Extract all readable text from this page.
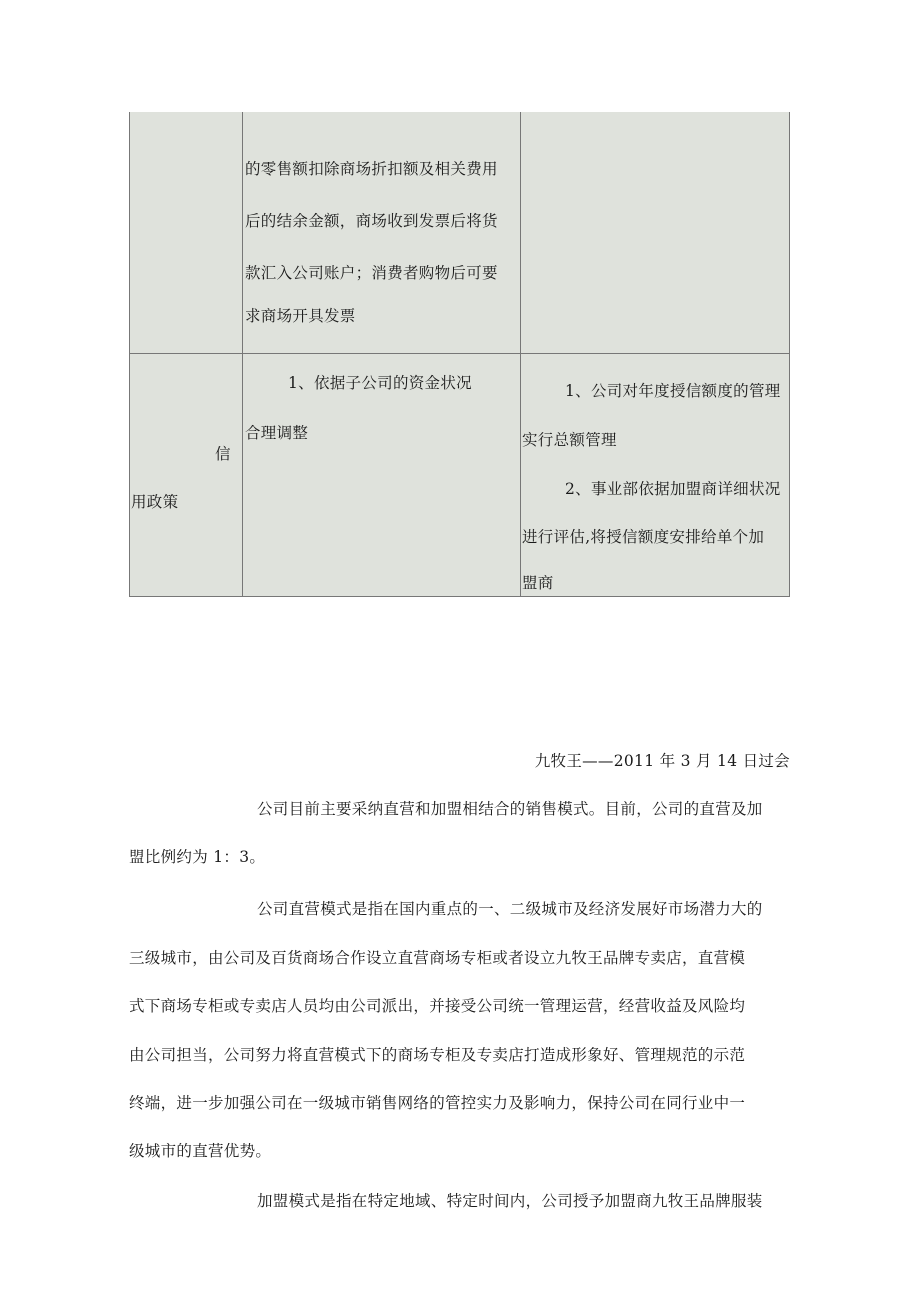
的零售额扣除商场折扣额及相关费用
后的结余金额，商场收到发票后将货
款汇入公司账户；消费者购物后可要
求商场开具发票
信
用政策
1、依据子公司的资金状况
合理调整
1、公司对年度授信额度的管理
实行总额管理
2、事业部依据加盟商详细状况
进行评估,将授信额度安排给单个加
盟商
九牧王——2011 年 3 月 14 日过会
公司目前主要采纳直营和加盟相结合的销售模式。目前，公司的直营及加
盟比例约为 1：3。
公司直营模式是指在国内重点的一、二级城市及经济发展好市场潜力大的
三级城市，由公司及百货商场合作设立直营商场专柜或者设立九牧王品牌专卖店，直营模
式下商场专柜或专卖店人员均由公司派出，并接受公司统一管理运营，经营收益及风险均
由公司担当，公司努力将直营模式下的商场专柜及专卖店打造成形象好、管理规范的示范
终端，进一步加强公司在一级城市销售网络的管控实力及影响力，保持公司在同行业中一
级城市的直营优势。
加盟模式是指在特定地域、特定时间内，公司授予加盟商九牧王品牌服装
